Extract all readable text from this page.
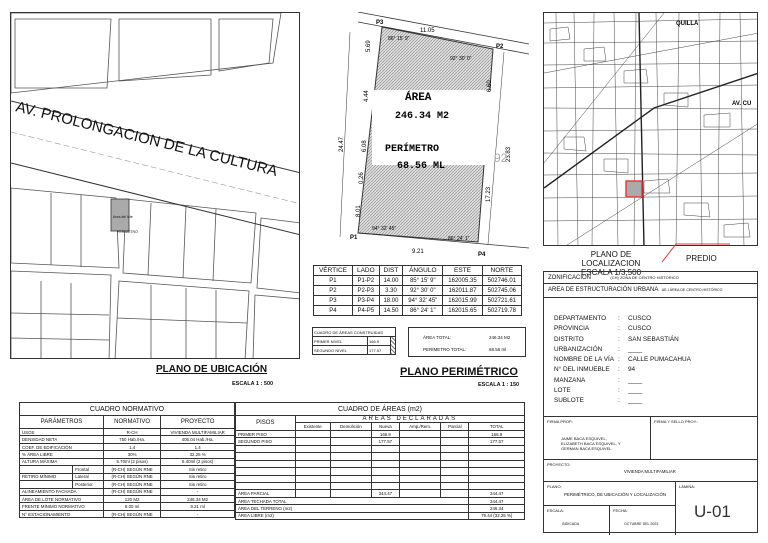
Area del lote
PERIMETRO
AV. PROLONGACION DE LA CULTURA
PLANO DE UBICACIÓN
ESCALA 1 : 500
11.05
6.60
9.21
5.69
4.44
6.08
0.26
8.01
24.47
23.83
17.23
94° 32' 45"
92° 30' 0"
86° 15' 9"
86° 24' 1"
P1
P2
P3
P4
92
ÁREA
246.34 M2
PERÍMETRO
68.56 ML
VÉRTICE	LADO	DIST	ÁNGULO	ESTE	NORTE
P1	P1-P2	14.00	85° 15' 9"	162005.35	502746.01
P2	P2-P3	3.30	92° 30' 0"	162011.87	502745.06
P3	P3-P4	18.00	94° 32' 45"	162015.99	502721.61
P4	P4-P5	14.50	86° 24' 1"	162015.65	502719.78
CUADRO DE ÁREAS CONSTRUIDAS		
PRIMER NIVEL	166.9	
SEGUNDO NIVEL	177.57	
ÁREA TOTAL:	246.34 M2
PERÍMETRO TOTAL:	68.56 ml
PLANO PERIMÉTRICO
ESCALA 1 : 150
QUILLA
AV. CU
PLANO DE LOCALIZACION
ESCALA 1/3,500
PREDIO
CUADRO NORMATIVO			
PARÁMETROS		NORMATIVO	PROYECTO
USOS		R-CH	VIVIENDA MULTIFAMILIAR
DENSIDAD NETA		750 Hab./Ha.	405.04 Hab./Ha.
COEF. DE EDIFICACIÓN		1.4	1.4
% ÁREA LIBRE		30%	32.25 %
ALTURA MÁXIMA		5.70ml (2 pisos)	6.40ml (2 pisos)
	Frontal	(R-CH) SEGÚN RNE	Sin retiro
RETIRO MÍNIMO	Lateral	(R-CH) SEGÚN RNE	Sin retiro
	Posterior	(R-CH) SEGÚN RNE	Sin retiro
ALINEAMIENTO FACHADA		(R-CH) SEGÚN RNE	-
ÁREA DE LOTE NORMATIVO		120 M2	246.34 M2
FRENTE MÍNIMO NORMATIVO		8.00 ml	9.21 ml
N° ESTACIONAMIENTO		(R-CH) SEGÚN RNE	-
CUADRO DE ÁREAS (m2)						
PISOS	ÁREAS DECLARADAS					
	Existente	Demolición	Nueva	Amp./Rem.	Parcial	TOTAL
PRIMER PISO			166.9			166.9
SEGUNDO PISO			177.57			177.57

ÁREA PARCIAL			344.47			344.47
ÁREA TECHADA TOTAL						344.47
ÁREA DEL TERRENO (m2)						246.34
ÁREA LIBRE (m2)						79.44 (32.25 %)
ZONIFICACION	(CH) ZONA DE CENTRO HISTORICO
AREA DE ESTRUCTURACIÓN URBANA AE-I ÁREA DE CENTRO HISTÓRICO
DEPARTAMENTO	:	CUSCO
PROVINCIA	:	CUSCO
DISTRITO	:	SAN SEBASTIÁN
URBANIZACIÓN	:	____
NOMBRE DE LA VÍA :	CALLE PUMACAHUA
N° DEL INMUEBLE	:	94
MANZANA	:	____
LOTE	:	____
SUBLOTE	:	____
FIRMA PROP.:
JAIME BACA ESQUIVEL,
ELIZABETH BACA ESQUIVEL, Y
GERMAN BACA ESQUIVEL
FIRMA Y SELLO PROY.:
PROYECTO:
VIVIENDA MULTIFAMILIAR
PLANO:
PERIMÉTRICO, DE UBICACIÓN Y LOCALIZACIÓN
ESCALA:
INDICADA
FECHA:
OCTUBRE DEL 2023
LÁMINA:
U-01
